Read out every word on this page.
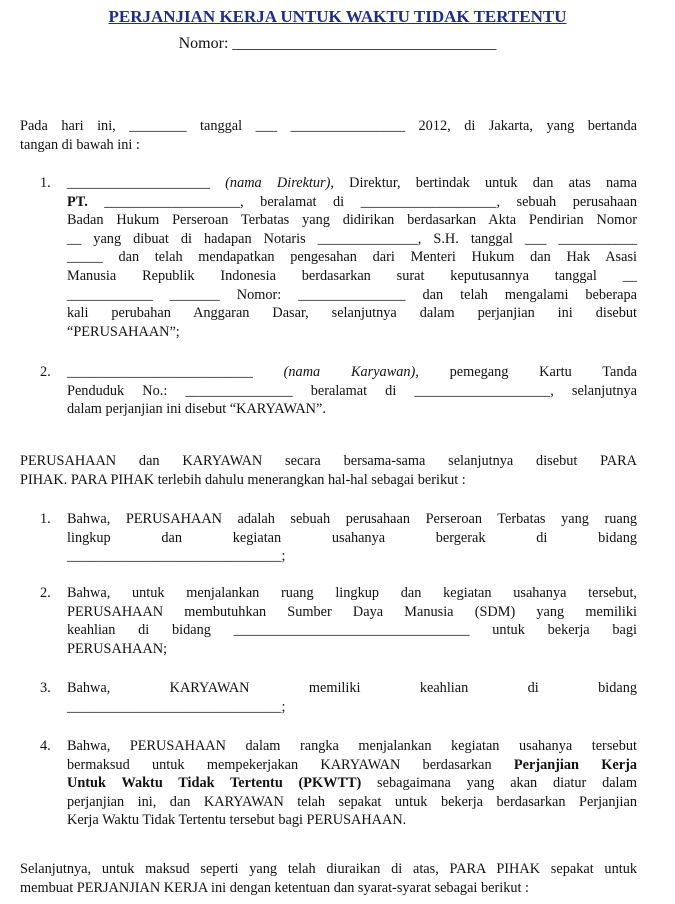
PERJANJIAN KERJA UNTUK WAKTU TIDAK TERTENTU
Nomor: _________________________________
Pada hari ini, ________ tanggal ___ ________________ 2012, di Jakarta, yang bertanda
tangan di bawah ini :
1. ____________________ (nama Direktur), Direktur, bertindak untuk dan atas nama
PT. ___________________, beralamat di ___________________, sebuah perusahaan
Badan Hukum Perseroan Terbatas yang didirikan berdasarkan Akta Pendirian Nomor
__ yang dibuat di hadapan Notaris ______________, S.H. tanggal ___ ___________
_____ dan telah mendapatkan pengesahan dari Menteri Hukum dan Hak Asasi
Manusia Republik Indonesia berdasarkan surat keputusannya tanggal __
____________ _______ Nomor: _______________ dan telah mengalami beberapa
kali perubahan Anggaran Dasar, selanjutnya dalam perjanjian ini disebut
“PERUSAHAAN”;
2. __________________________ (nama Karyawan), pemegang Kartu Tanda
Penduduk No.: _______________ beralamat di ___________________, selanjutnya
dalam perjanjian ini disebut “KARYAWAN”.
PERUSAHAAN dan KARYAWAN secara bersama-sama selanjutnya disebut PARA
PIHAK. PARA PIHAK terlebih dahulu menerangkan hal-hal sebagai berikut :
1. Bahwa, PERUSAHAAN adalah sebuah perusahaan Perseroan Terbatas yang ruang
lingkup dan kegiatan usahanya bergerak di bidang
______________________________;
2. Bahwa, untuk menjalankan ruang lingkup dan kegiatan usahanya tersebut,
PERUSAHAAN membutuhkan Sumber Daya Manusia (SDM) yang memiliki
keahlian di bidang _________________________________ untuk bekerja bagi
PERUSAHAAN;
3. Bahwa, KARYAWAN memiliki keahlian di bidang
______________________________;
4. Bahwa, PERUSAHAAN dalam rangka menjalankan kegiatan usahanya tersebut
bermaksud untuk mempekerjakan KARYAWAN berdasarkan Perjanjian Kerja
Untuk Waktu Tidak Tertentu (PKWTT) sebagaimana yang akan diatur dalam
perjanjian ini, dan KARYAWAN telah sepakat untuk bekerja berdasarkan Perjanjian
Kerja Waktu Tidak Tertentu tersebut bagi PERUSAHAAN.
Selanjutnya, untuk maksud seperti yang telah diuraikan di atas, PARA PIHAK sepakat untuk
membuat PERJANJIAN KERJA ini dengan ketentuan dan syarat-syarat sebagai berikut :
